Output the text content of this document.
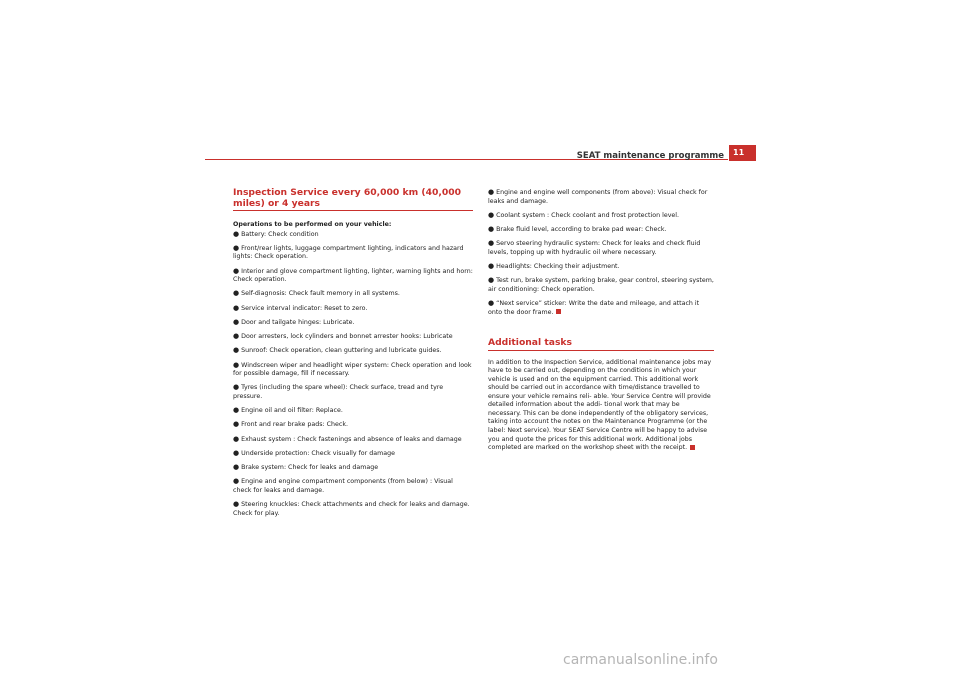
SEAT maintenance programme	11
Inspection Service every 60,000 km (40,000 miles) or 4 years
Operations to be performed on your vehicle:
● Battery: Check condition
● Front/rear lights, luggage compartment lighting, indicators and hazard lights: Check operation.
● Interior and glove compartment lighting, lighter, warning lights and horn: Check operation.
● Self-diagnosis: Check fault memory in all systems.
● Service interval indicator: Reset to zero.
● Door and tailgate hinges: Lubricate.
● Door arresters, lock cylinders and bonnet arrester hooks: Lubricate
● Sunroof: Check operation, clean guttering and lubricate guides.
● Windscreen wiper and headlight wiper system: Check operation and look for possible damage, fill if necessary.
● Tyres (including the spare wheel): Check surface, tread and tyre pressure.
● Engine oil and oil filter: Replace.
● Front and rear brake pads: Check.
● Exhaust system : Check fastenings and absence of leaks and damage
● Underside protection: Check visually for damage
● Brake system: Check for leaks and damage
● Engine and engine compartment components (from below) : Visual check for leaks and damage.
● Steering knuckles: Check attachments and check for leaks and damage. Check for play.
● Engine and engine well components (from above): Visual check for leaks and damage.
● Coolant system : Check coolant and frost protection level.
● Brake fluid level, according to brake pad wear: Check.
● Servo steering hydraulic system: Check for leaks and check fluid levels, topping up with hydraulic oil where necessary.
● Headlights: Checking their adjustment.
● Test run, brake system, parking brake, gear control, steering system, air conditioning: Check operation.
● “Next service” sticker: Write the date and mileage, and attach it onto the door frame.
Additional tasks

In addition to the Inspection Service, additional maintenance jobs may have to be carried out, depending on the conditions in which your vehicle is used and on the equipment carried. This additional work should be carried out in accordance with time/distance travelled to ensure your vehicle remains reli- able. Your Service Centre will provide detailed information about the addi- tional work that may be necessary. This can be done independently of the obligatory services, taking into account the notes on the Maintenance Programme (or the label: Next service). Your SEAT Service Centre will be happy to advise you and quote the prices for this additional work. Additional jobs completed are marked on the workshop sheet with the receipt.

carmanualsonline.info
